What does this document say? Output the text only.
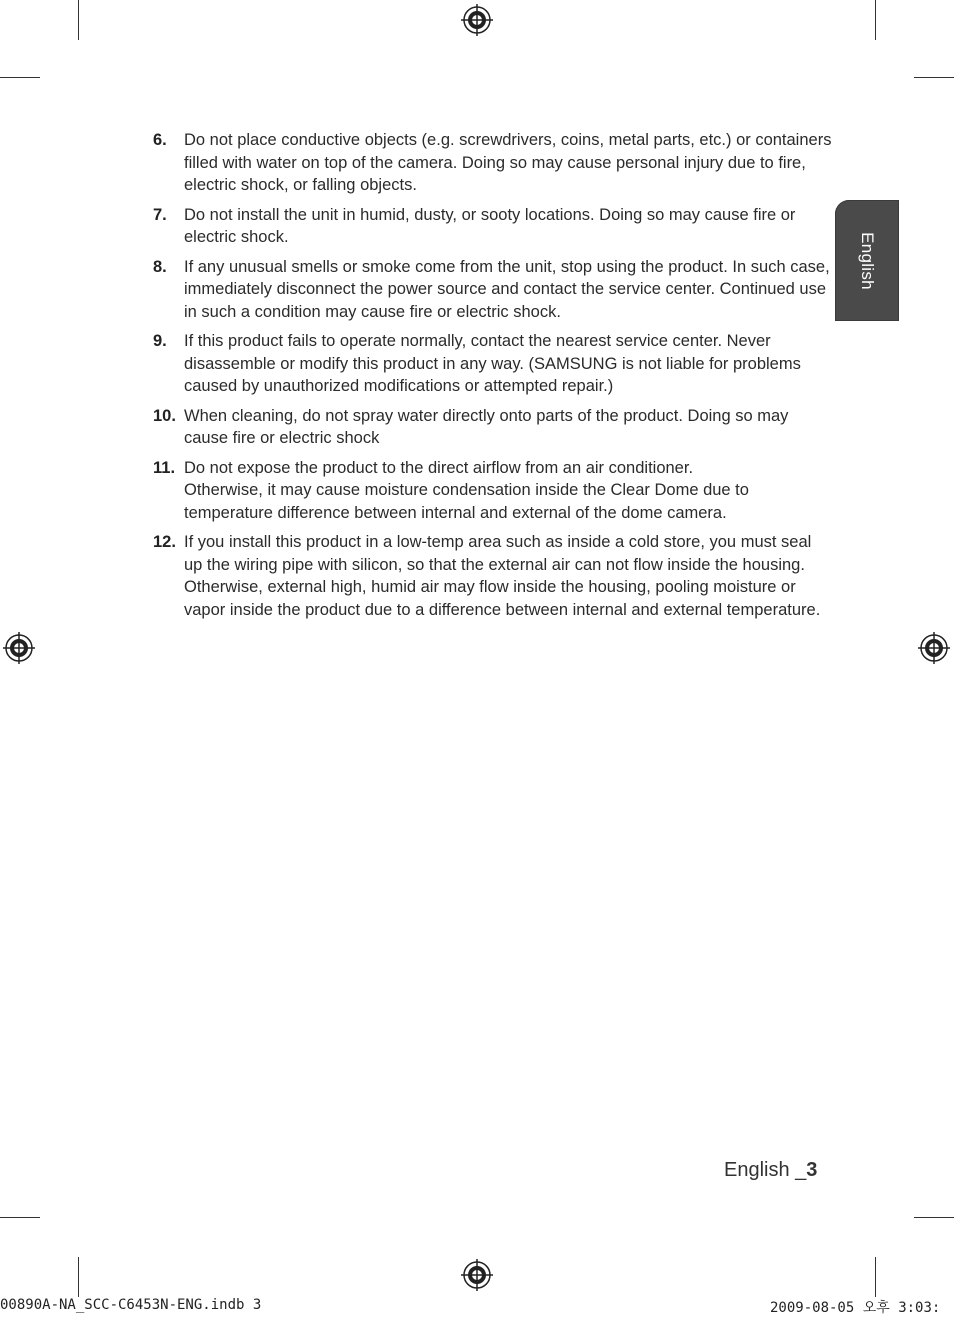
English
6.	Do not place conductive objects (e.g. screwdrivers, coins, metal parts, etc.) or containers filled with water on top of the camera. Doing so may cause personal injury due to fire, electric shock, or falling objects.

7.	Do not install the unit in humid, dusty, or sooty locations. Doing so may cause fire or electric shock.

8.	If any unusual smells or smoke come from the unit, stop using the product. In such case, immediately disconnect the power source and contact the service center. Continued use in such a condition may cause fire or electric shock.

9.	If this product fails to operate normally, contact the nearest service center. Never disassemble or modify this product in any way. (SAMSUNG is not liable for problems caused by unauthorized modifications or attempted repair.)

10. When cleaning, do not spray water directly onto parts of the product. Doing so may cause fire or electric shock

11. Do not expose the product to the direct airflow from an air conditioner.

Otherwise, it may cause moisture condensation inside the Clear Dome due to temperature difference between internal and external of the dome camera.

12. If you install this product in a low-temp area such as inside a cold store, you must seal up the wiring pipe with silicon, so that the external air can not flow inside the housing.

Otherwise, external high, humid air may flow inside the housing, pooling moisture or vapor inside the product due to a difference between internal and external temperature.

English _3
00890A-NA_SCC-C6453N-ENG.indb 3	2009-08-05 오후 3:03:
